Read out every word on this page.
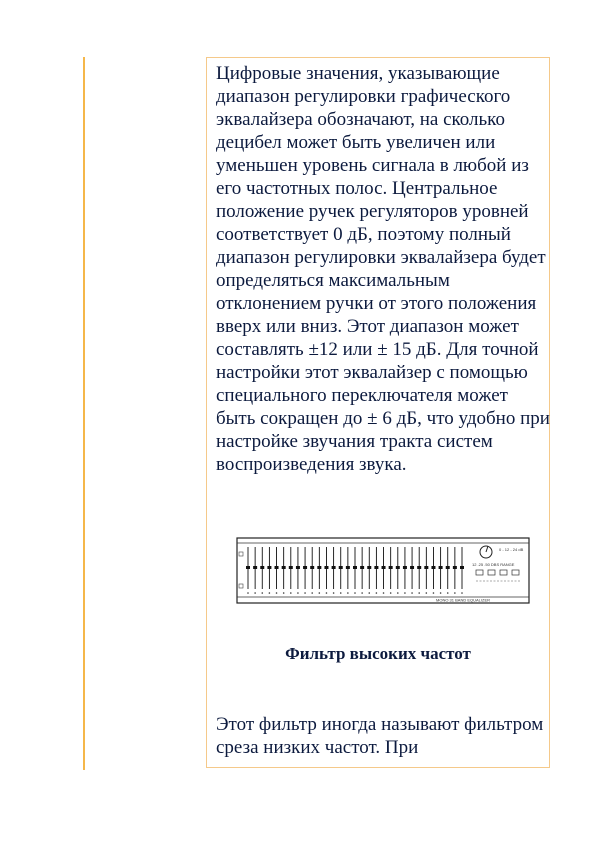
Цифровые значения, указывающие диапазон регулировки графического эквалайзера обозначают, на сколько децибел может быть увеличен или уменьшен уровень сигнала в любой из его частотных полос. Центральное положение ручек регуляторов уровней соответствует 0 дБ, поэтому полный диапазон регулировки эквалайзера будет определяться максимальным отклонением ручки от этого положения вверх или вниз. Этот диапазон может составлять ±12 или ± 15 дБ. Для точной настройки этот эквалайзер с помощью специального переключателя может быть сокращен до ± 6 дБ, что удобно при настройке звучания тракта систем воспроизведения звука.

0 - 12 - 24 dB
12 .25 .50 DBS RANGE
MONO 31 BAND EQUALIZER
Фильтр высоких частот

Этот фильтр иногда называют фильтром среза низких частот. При
